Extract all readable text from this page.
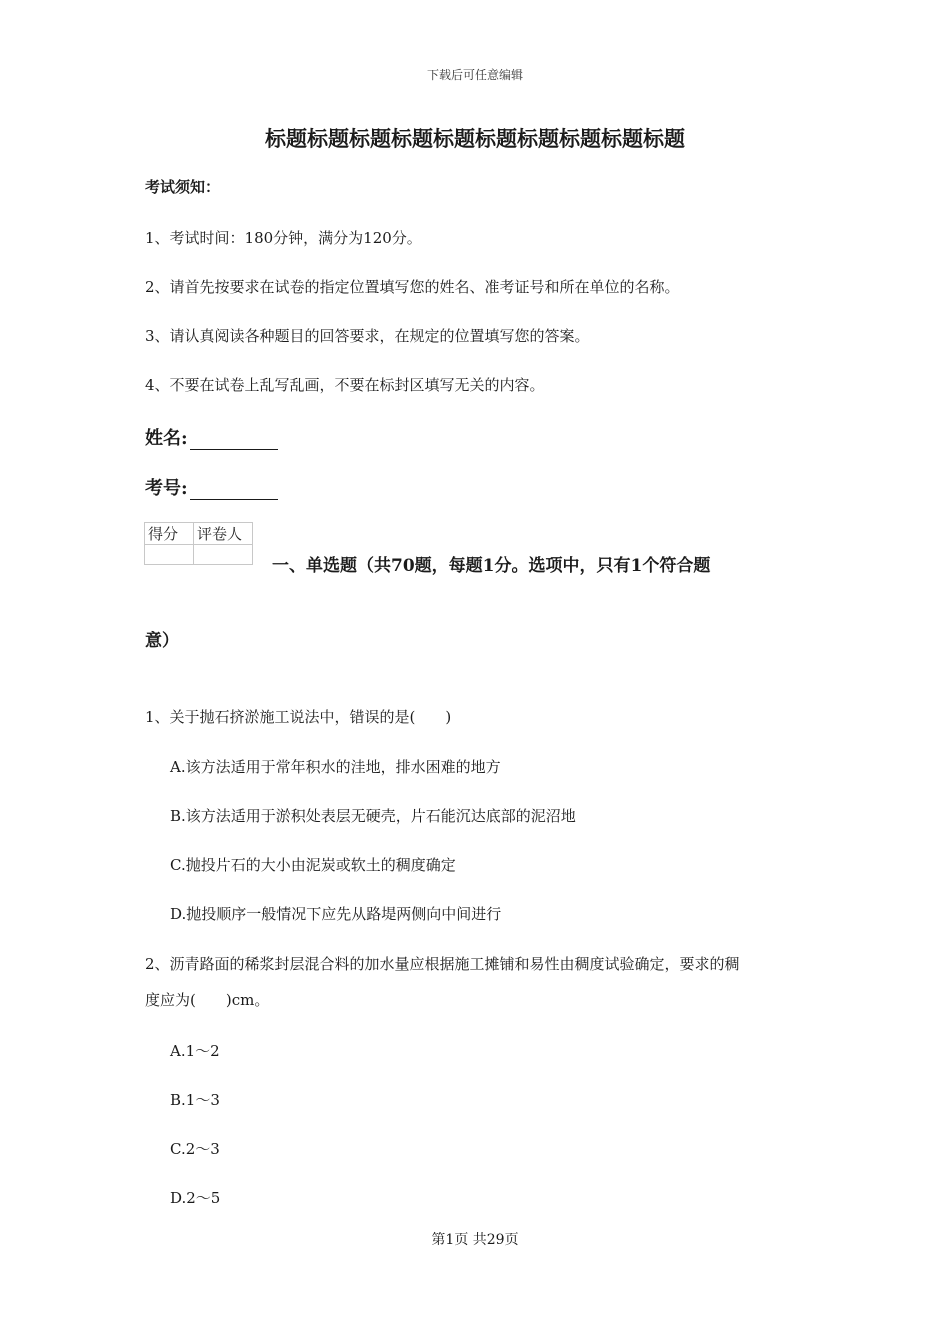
下载后可任意编辑
标题标题标题标题标题标题标题标题标题标题
考试须知：
1、考试时间：180分钟，满分为120分。
2、请首先按要求在试卷的指定位置填写您的姓名、准考证号和所在单位的名称。
3、请认真阅读各种题目的回答要求，在规定的位置填写您的答案。
4、不要在试卷上乱写乱画，不要在标封区填写无关的内容。
姓名:
考号:
得分	评卷人

一、单选题（共70题，每题1分。选项中，只有1个符合题
意）
1、关于抛石挤淤施工说法中，错误的是(　　)
A.该方法适用于常年积水的洼地，排水困难的地方
B.该方法适用于淤积处表层无硬壳，片石能沉达底部的泥沼地
C.抛投片石的大小由泥炭或软土的稠度确定
D.抛投顺序一般情况下应先从路堤两侧向中间进行
2、沥青路面的稀浆封层混合料的加水量应根据施工摊铺和易性由稠度试验确定，要求的稠
度应为(　　)cm。
A.1～2
B.1～3
C.2～3
D.2～5
第1页 共29页
